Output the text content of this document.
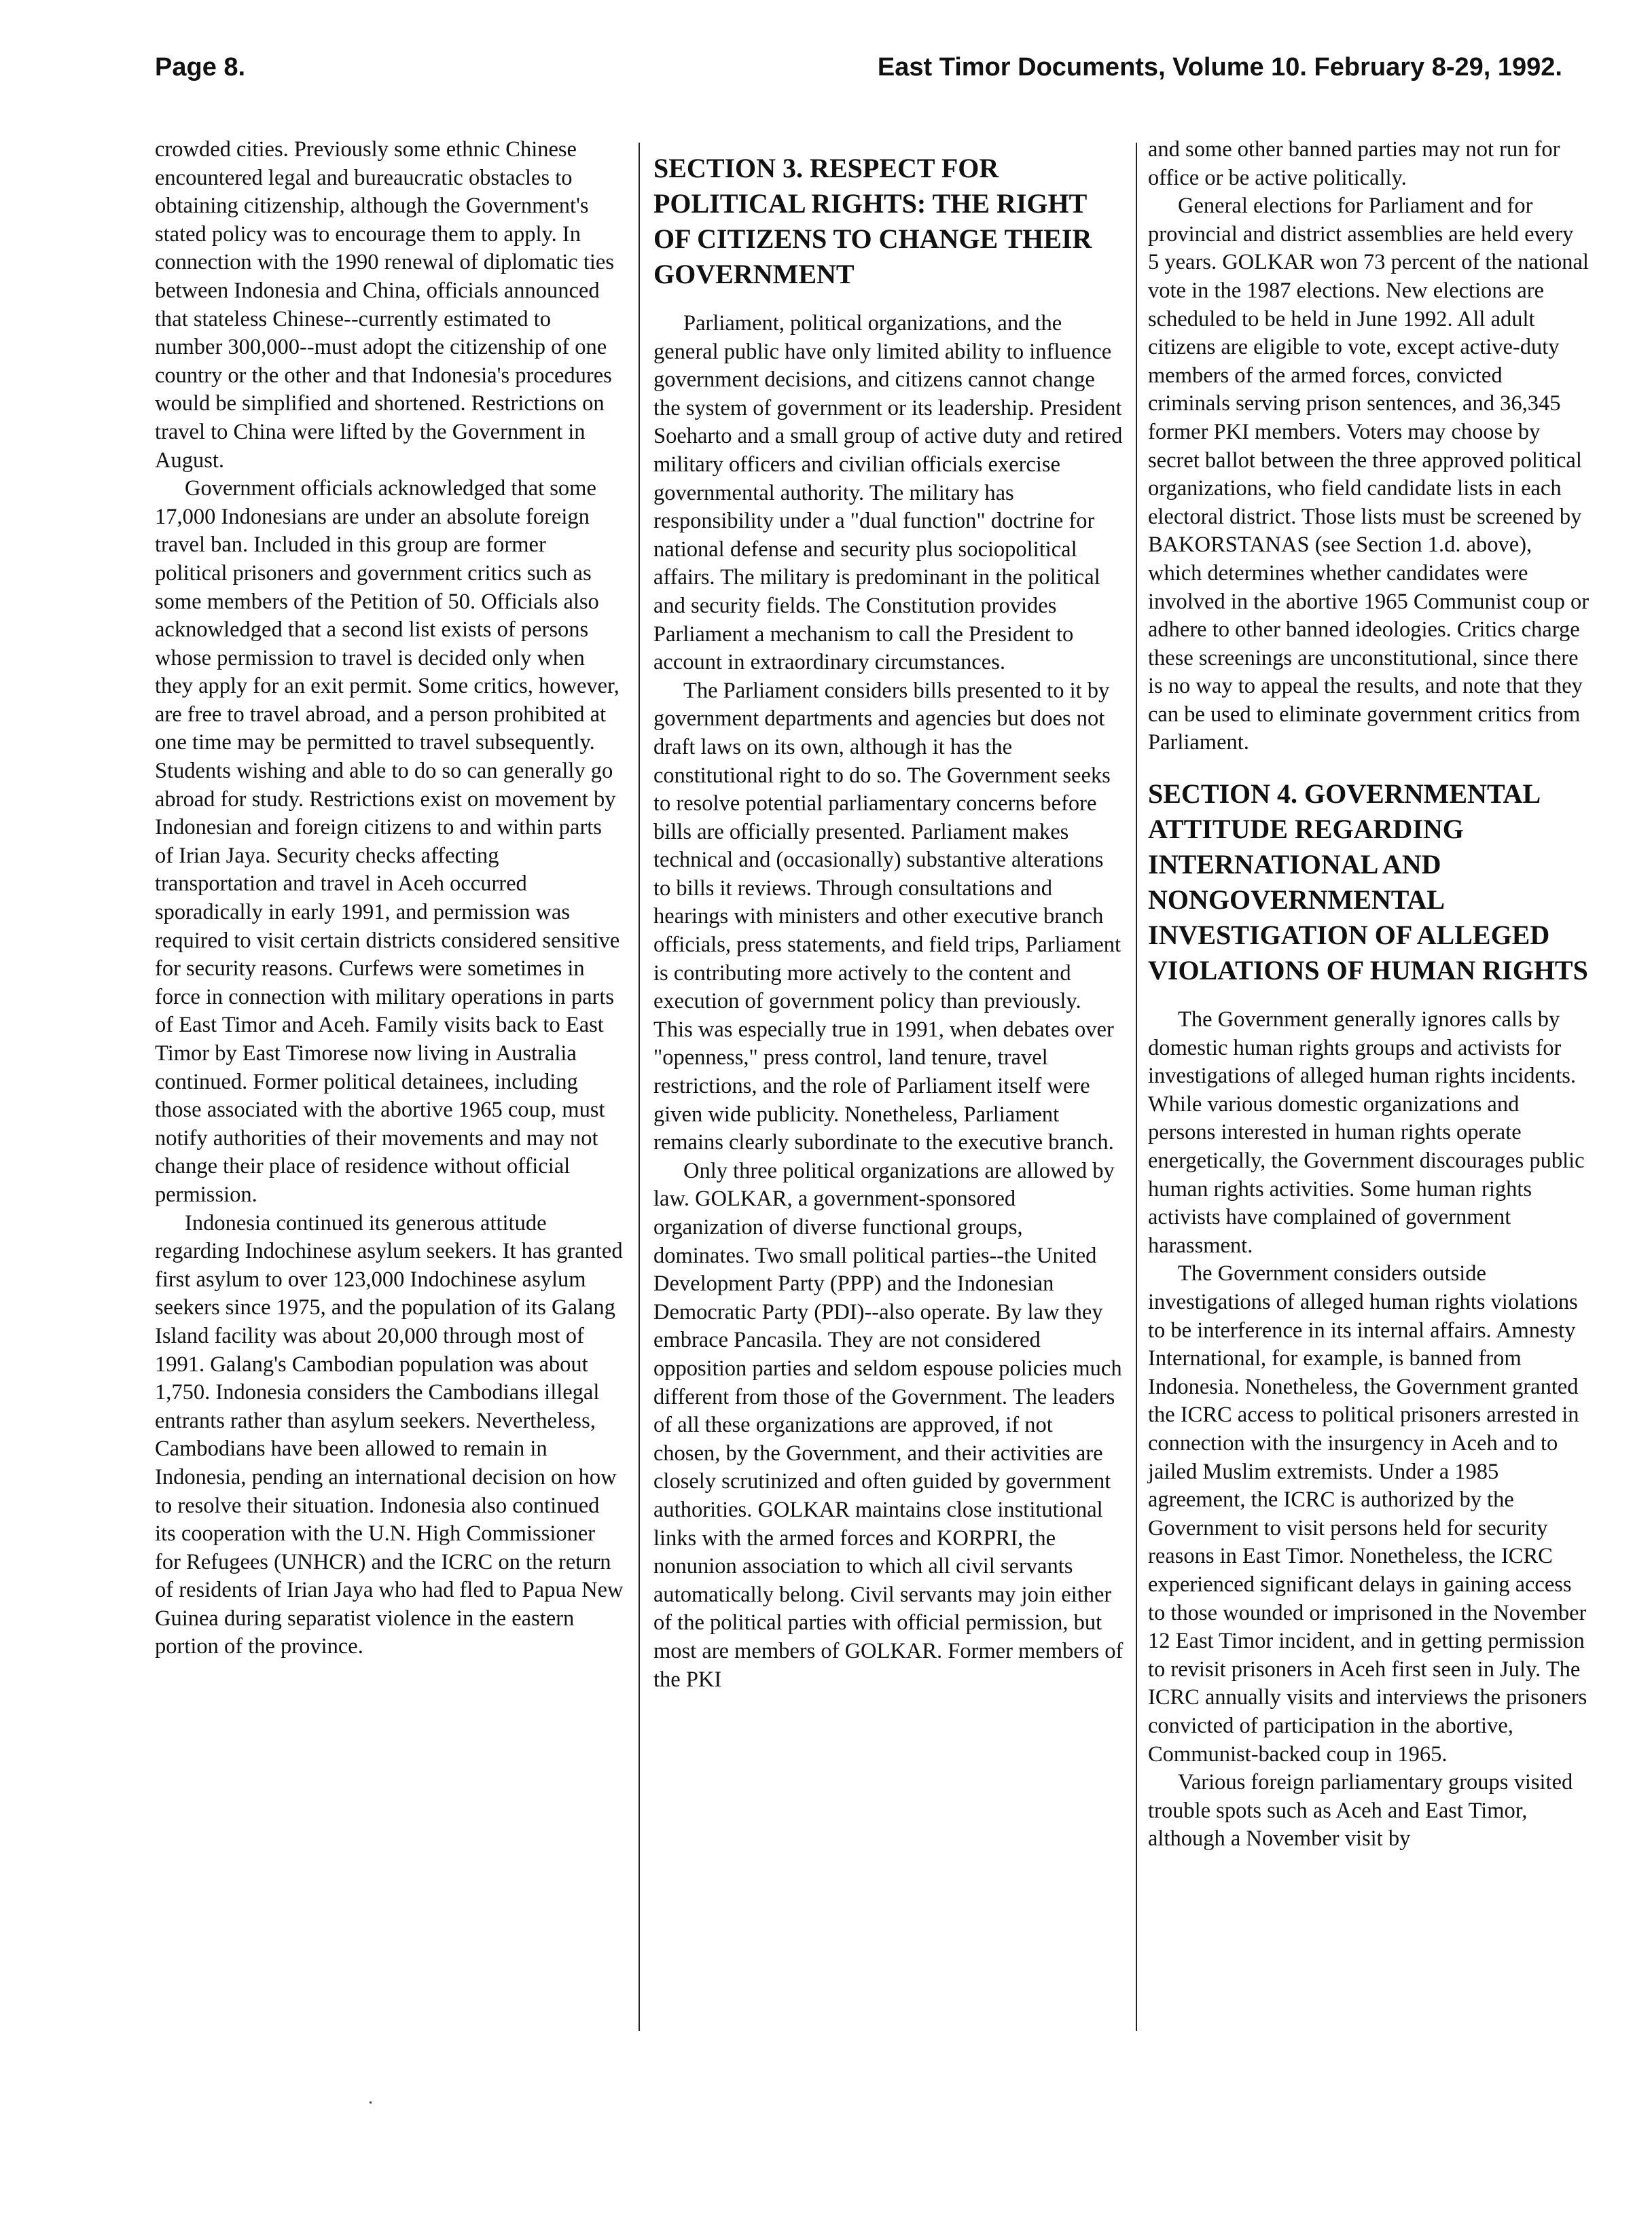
Page 8.	East Timor Documents, Volume 10. February 8-29, 1992.

crowded cities. Previously some ethnic Chinese encountered legal and bureaucratic obstacles to obtaining citizenship, although the Government's stated policy was to encourage them to apply. In connection with the 1990 renewal of diplomatic ties between Indonesia and China, officials announced that stateless Chinese--currently estimated to number 300,000--must adopt the citizenship of one country or the other and that Indonesia's procedures would be simplified and shortened. Restrictions on travel to China were lifted by the Government in August.

Government officials acknowledged that some 17,000 Indonesians are under an absolute foreign travel ban. Included in this group are former political prisoners and government critics such as some members of the Petition of 50. Officials also acknowledged that a second list exists of persons whose permission to travel is decided only when they apply for an exit permit. Some critics, however, are free to travel abroad, and a person prohibited at one time may be permitted to travel subsequently. Students wishing and able to do so can generally go abroad for study. Restrictions exist on movement by Indonesian and foreign citizens to and within parts of Irian Jaya. Security checks affecting transportation and travel in Aceh occurred sporadically in early 1991, and permission was required to visit certain districts considered sensitive for security reasons. Curfews were sometimes in force in connection with military operations in parts of East Timor and Aceh. Family visits back to East Timor by East Timorese now living in Australia continued. Former political detainees, including those associated with the abortive 1965 coup, must notify authorities of their movements and may not change their place of residence without official permission.

Indonesia continued its generous attitude regarding Indochinese asylum seekers. It has granted first asylum to over 123,000 Indochinese asylum seekers since 1975, and the population of its Galang Island facility was about 20,000 through most of 1991. Galang's Cambodian population was about 1,750. Indonesia considers the Cambodians illegal entrants rather than asylum seekers. Nevertheless, Cambodians have been allowed to remain in Indonesia, pending an international decision on how to resolve their situation. Indonesia also continued its cooperation with the U.N. High Commissioner for Refugees (UNHCR) and the ICRC on the return of residents of Irian Jaya who had fled to Papua New Guinea during separatist violence in the eastern portion of the province.

SECTION 3. RESPECT FOR POLITICAL RIGHTS: THE RIGHT OF CITIZENS TO CHANGE THEIR GOVERNMENT

Parliament, political organizations, and the general public have only limited ability to influence government decisions, and citizens cannot change the system of government or its leadership. President Soeharto and a small group of active duty and retired military officers and civilian officials exercise governmental authority. The military has responsibility under a "dual function" doctrine for national defense and security plus sociopolitical affairs. The military is predominant in the political and security fields. The Constitution provides Parliament a mechanism to call the President to account in extraordinary circumstances.

The Parliament considers bills presented to it by government departments and agencies but does not draft laws on its own, although it has the constitutional right to do so. The Government seeks to resolve potential parliamentary concerns before bills are officially presented. Parliament makes technical and (occasionally) substantive alterations to bills it reviews. Through consultations and hearings with ministers and other executive branch officials, press statements, and field trips, Parliament is contributing more actively to the content and execution of government policy than previously. This was especially true in 1991, when debates over "openness," press control, land tenure, travel restrictions, and the role of Parliament itself were given wide publicity. Nonetheless, Parliament remains clearly subordinate to the executive branch.

Only three political organizations are allowed by law. GOLKAR, a government-sponsored organization of diverse functional groups, dominates. Two small political parties--the United Development Party (PPP) and the Indonesian Democratic Party (PDI)--also operate. By law they embrace Pancasila. They are not considered opposition parties and seldom espouse policies much different from those of the Government. The leaders of all these organizations are approved, if not chosen, by the Government, and their activities are closely scrutinized and often guided by government authorities. GOLKAR maintains close institutional links with the armed forces and KORPRI, the nonunion association to which all civil servants automatically belong. Civil servants may join either of the political parties with official permission, but most are members of GOLKAR. Former members of the PKI

and some other banned parties may not run for office or be active politically.

General elections for Parliament and for provincial and district assemblies are held every 5 years. GOLKAR won 73 percent of the national vote in the 1987 elections. New elections are scheduled to be held in June 1992. All adult citizens are eligible to vote, except active-duty members of the armed forces, convicted criminals serving prison sentences, and 36,345 former PKI members. Voters may choose by secret ballot between the three approved political organizations, who field candidate lists in each electoral district. Those lists must be screened by BAKORSTANAS (see Section 1.d. above), which determines whether candidates were involved in the abortive 1965 Communist coup or adhere to other banned ideologies. Critics charge these screenings are unconstitutional, since there is no way to appeal the results, and note that they can be used to eliminate government critics from Parliament.

SECTION 4. GOVERNMENTAL ATTITUDE REGARDING INTERNATIONAL AND NONGOVERNMENTAL INVESTIGATION OF ALLEGED VIOLATIONS OF HUMAN RIGHTS

The Government generally ignores calls by domestic human rights groups and activists for investigations of alleged human rights incidents. While various domestic organizations and persons interested in human rights operate energetically, the Government discourages public human rights activities. Some human rights activists have complained of government harassment.

The Government considers outside investigations of alleged human rights violations to be interference in its internal affairs. Amnesty International, for example, is banned from Indonesia. Nonetheless, the Government granted the ICRC access to political prisoners arrested in connection with the insurgency in Aceh and to jailed Muslim extremists. Under a 1985 agreement, the ICRC is authorized by the Government to visit persons held for security reasons in East Timor. Nonetheless, the ICRC experienced significant delays in gaining access to those wounded or imprisoned in the November 12 East Timor incident, and in getting permission to revisit prisoners in Aceh first seen in July. The ICRC annually visits and interviews the prisoners convicted of participation in the abortive, Communist-backed coup in 1965.

Various foreign parliamentary groups visited trouble spots such as Aceh and East Timor, although a November visit by
